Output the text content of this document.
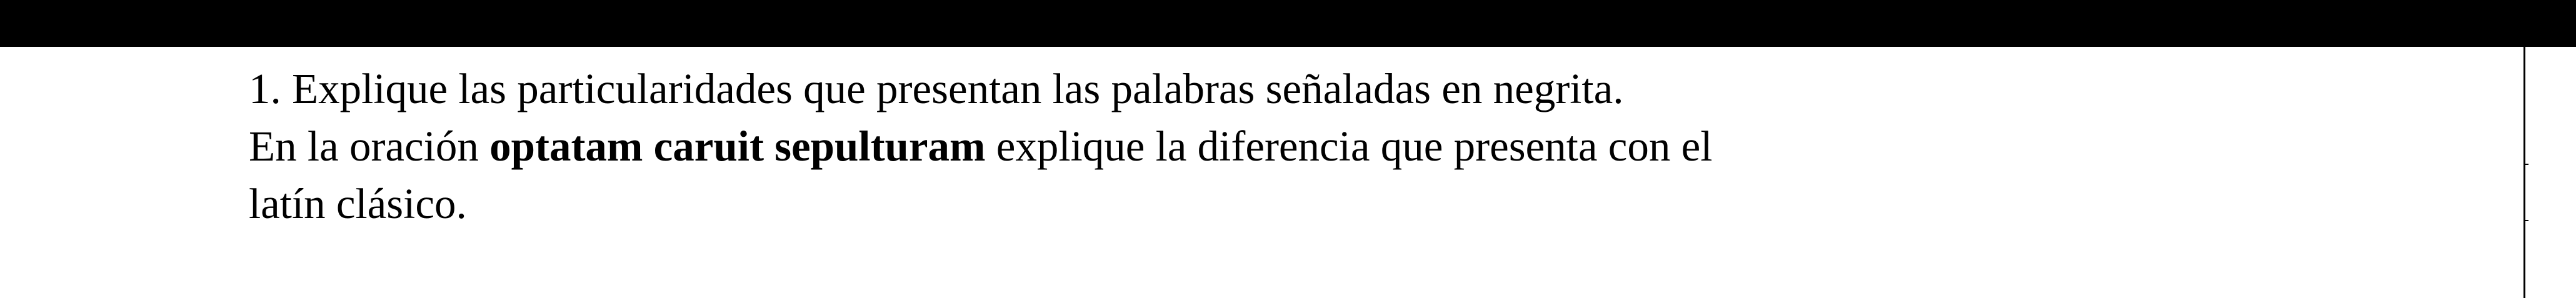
1. Explique las particularidades que presentan las palabras señaladas en negrita.
En la oración optatam caruit sepulturam explique la diferencia que presenta con el
latín clásico.
